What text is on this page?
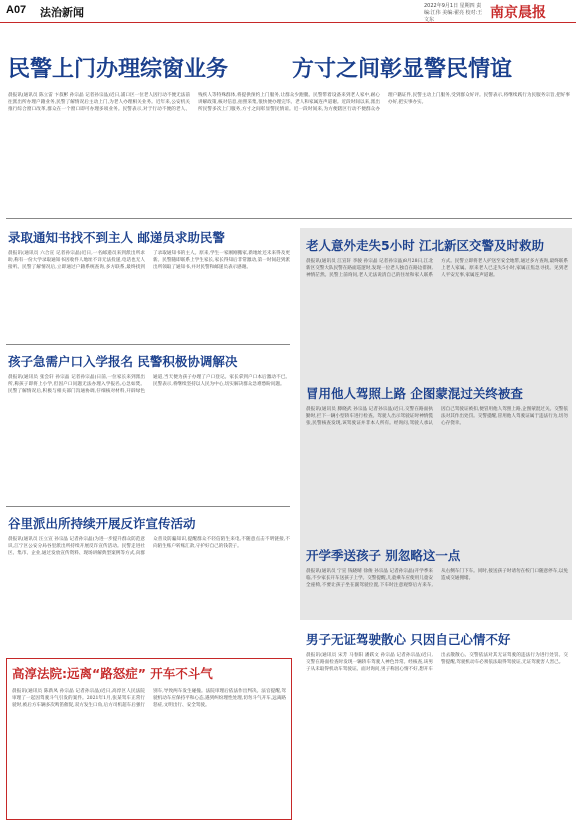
A07 法治新闻	2022年9月1日 星期四 责编:江伟 美编:翟亮 校对:王文东	南京晨报
民警上门办理综窗业务	方寸之间彰显警民情谊
晨报讯(通讯员 陈立雷 卞叔彬 孙宗晶 记者孙宗晶)近日,浦口区一位老人因行动不便无法前往派出所办理户籍业务,民警了解情况后主动上门,为老人办理相关业务。近年来,公安机关推行综合窗口改革,群众在一个窗口即可办理多项业务。民警表示,对于行动不便的老人、残疾人等特殊群体,将提供预约上门服务,让群众少跑腿。民警带着设备来到老人家中,耐心讲解政策,核对信息,拍照采集,很快便办理完毕。老人和家属连声道谢。近段时间以来,派出所民警多次上门服务,方寸之间彰显警民情谊。近一段时间来,为方便辖区行动不便群众办理户籍证件,民警主动上门服务,受到群众好评。民警表示,将继续践行为民服务宗旨,把好事办好,把实事办实。
录取通知书找不到主人 邮递员求助民警
晨报讯(通讯员 六合宣 记者孙宗晶)近日,一名邮递员来到派出所求助,称有一份大学录取通知书因收件人地址不详无法投递,电话也无人接听。民警了解情况后,立即通过户籍系统查询,多方联系,最终找到了录取通知书的主人。原来,学生一家刚刚搬家,新地址还未来得及更新。民警随即联系上学生家长,家长得知后非常激动,第一时间赶到派出所领取了通知书,并对民警和邮递员表示感谢。
孩子急需户口入学报名 民警积极协调解决
晨报讯(通讯员 张会轩 孙宗晶 记者孙宗晶)日前,一位家长来到派出所,称孩子即将上小学,但因户口问题无法办理入学报名,心急如焚。民警了解情况后,积极与相关部门沟通协调,仔细核对材料,开辟绿色通道,当天便为孩子办理了户口登记。家长拿到户口本后激动不已。民警表示,将继续坚持以人民为中心,切实解决群众急难愁盼问题。
谷里派出所持续开展反诈宣传活动
晨报讯(通讯员 汪立宣 孙宗晶 记者孙宗晶)为进一步提升群众防范意识,江宁区公安分局谷里派出所持续开展反诈宣传活动。民警走进社区、集市、企业,通过发放宣传资料、现场讲解典型案例等方式,向群众普及防骗知识,提醒群众不轻信陌生来电,不随意点击不明链接,不向陌生账户转账汇款,守护好自己的钱袋子。
高淳法院:远离“路怒症” 开车不斗气
晨报讯(通讯员 陈新凤 孙宗晶 记者孙宗晶)近日,高淳区人民法院审理了一起因驾驶斗气引发的案件。2021年1月,张某驾车正常行驶时,被后方车辆多次鸣笛催促,双方发生口角,后方司机超车后强行别车,导致两车发生碰撞。法院审理后依法作出判决。法官提醒,驾驶机动车应保持平和心态,遇到纠纷理性处理,切勿斗气开车,远离路怒症,文明出行、安全驾驶。
老人意外走失5小时 江北新区交警及时救助
晨报讯(通讯员 江宣轩 李骏 孙宗晶 记者孙宗晶)8月28日,江北新区交警大队民警在路面巡逻时,发现一位老人独自在路边徘徊,神情茫然。民警上前询问,老人无法说清自己的住址和家人联系方式。民警立即将老人护送至安全地带,通过多方查询,最终联系上老人家属。原来老人已走失5小时,家属正焦急寻找。见到老人平安无事,家属连声道谢。
冒用他人驾照上路 企图蒙混过关终被查
晨报讯(通讯员 滕晓武 孙宗晶 记者孙宗晶)近日,交警在路面执勤时,拦下一辆小型轿车进行检查。驾驶人出示驾驶证时神情慌张,民警核查发现,该驾驶证并非本人所有。经询问,驾驶人承认因自己驾驶证被扣,便冒用他人驾照上路,企图蒙混过关。交警依法对其作出处罚。交警提醒,冒用他人驾驶证属于违法行为,切勿心存侥幸。
开学季送孩子 别忽略这一点
晨报讯(通讯员 宁宣 钱晓晴 徐俊 孙宗晶 记者孙宗晶)开学季来临,不少家长开车送孩子上学。交警提醒,儿童乘车应使用儿童安全座椅,不要让孩子坐在副驾驶位置,下车时注意观察后方来车,从右侧车门下车。同时,接送孩子时请勿在校门口随意停车,以免造成交通拥堵。
男子无证驾驶散心 只因自己心情不好
晨报讯(通讯员 宋芳 马春阳 潘跃文 孙宗晶 记者孙宗晶)近日,交警在路面检查时发现一辆轿车驾驶人神色异常。经核查,该男子从未取得机动车驾驶证。面对询问,男子称因心情不好,想开车出去散散心。交警依法对其无证驾驶的违法行为进行处罚。交警提醒,驾驶机动车必须依法取得驾驶证,无证驾驶害人害己。
